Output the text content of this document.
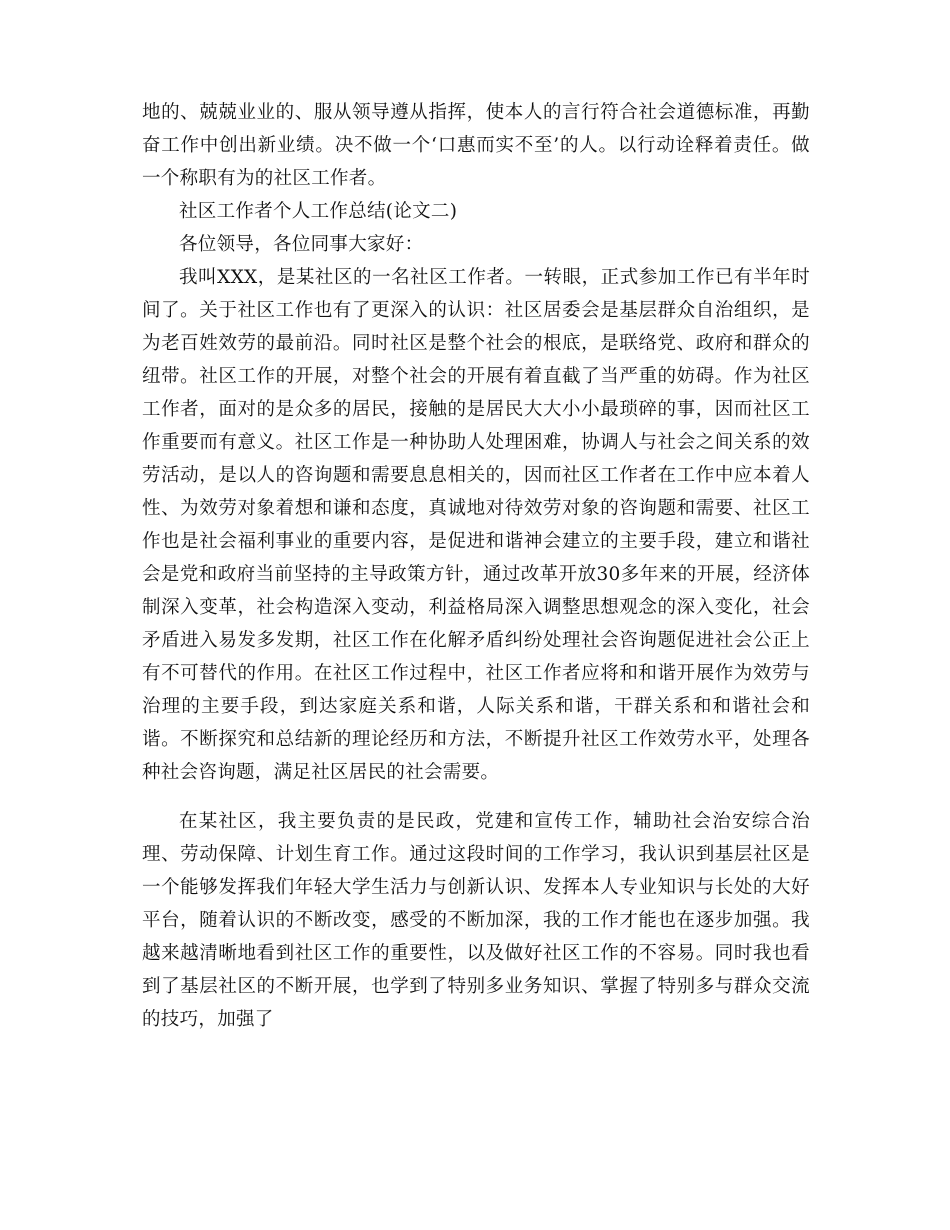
地的、兢兢业业的、服从领导遵从指挥，使本人的言行符合社会道德标准，再勤奋工作中创出新业绩。决不做一个‘口惠而实不至’的人。以行动诠释着责任。做一个称职有为的社区工作者。

社区工作者个人工作总结(论文二)

各位领导，各位同事大家好：

我叫XXX，是某社区的一名社区工作者。一转眼，正式参加工作已有半年时间了。关于社区工作也有了更深入的认识：社区居委会是基层群众自治组织，是为老百姓效劳的最前沿。同时社区是整个社会的根底，是联络党、政府和群众的纽带。社区工作的开展，对整个社会的开展有着直截了当严重的妨碍。作为社区工作者，面对的是众多的居民，接触的是居民大大小小最琐碎的事，因而社区工作重要而有意义。社区工作是一种协助人处理困难，协调人与社会之间关系的效劳活动，是以人的咨询题和需要息息相关的，因而社区工作者在工作中应本着人性、为效劳对象着想和谦和态度，真诚地对待效劳对象的咨询题和需要、社区工作也是社会福利事业的重要内容，是促进和谐神会建立的主要手段，建立和谐社会是党和政府当前坚持的主导政策方针，通过改革开放30多年来的开展，经济体制深入变革，社会构造深入变动，利益格局深入调整思想观念的深入变化，社会矛盾进入易发多发期，社区工作在化解矛盾纠纷处理社会咨询题促进社会公正上有不可替代的作用。在社区工作过程中，社区工作者应将和和谐开展作为效劳与治理的主要手段，到达家庭关系和谐，人际关系和谐，干群关系和和谐社会和谐。不断探究和总结新的理论经历和方法，不断提升社区工作效劳水平，处理各种社会咨询题，满足社区居民的社会需要。

在某社区，我主要负责的是民政，党建和宣传工作，辅助社会治安综合治理、劳动保障、计划生育工作。通过这段时间的工作学习，我认识到基层社区是一个能够发挥我们年轻大学生活力与创新认识、发挥本人专业知识与长处的大好平台，随着认识的不断改变，感受的不断加深，我的工作才能也在逐步加强。我越来越清晰地看到社区工作的重要性，以及做好社区工作的不容易。同时我也看到了基层社区的不断开展，也学到了特别多业务知识、掌握了特别多与群众交流的技巧，加强了
